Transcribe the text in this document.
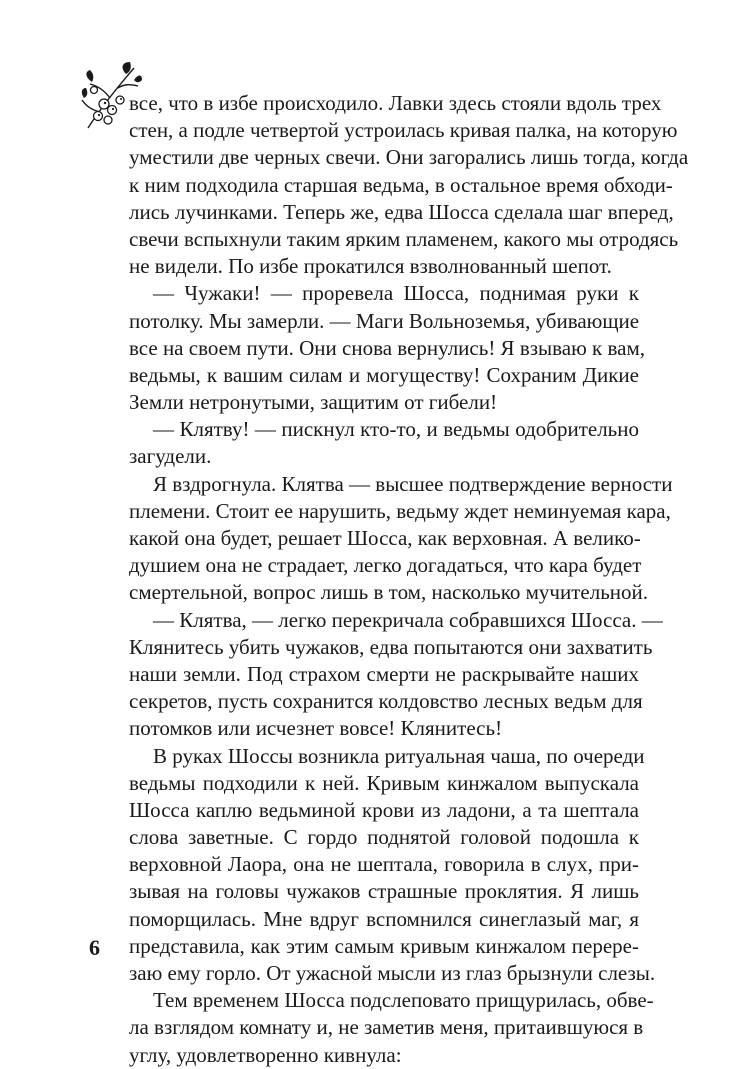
все, что в избе происходило. Лавки здесь стояли вдоль трех
стен, а подле четвертой устроилась кривая палка, на которую
уместили две черных свечи. Они загорались лишь тогда, когда
к ним подходила старшая ведьма, в остальное время обходи-
лись лучинками. Теперь же, едва Шосса сделала шаг вперед,
свечи вспыхнули таким ярким пламенем, какого мы отродясь
не видели. По избе прокатился взволнованный шепот.
— Чужаки! — проревела Шосса, поднимая руки к
потолку. Мы замерли. — Маги Вольноземья, убивающие
все на своем пути. Они снова вернулись! Я взываю к вам,
ведьмы, к вашим силам и могуществу! Сохраним Дикие
Земли нетронутыми, защитим от гибели!
— Клятву! — пискнул кто-то, и ведьмы одобрительно
загудели.
Я вздрогнула. Клятва — высшее подтверждение верности
племени. Стоит ее нарушить, ведьму ждет неминуемая кара,
какой она будет, решает Шосса, как верховная. А велико-
душием она не страдает, легко догадаться, что кара будет
смертельной, вопрос лишь в том, насколько мучительной.
— Клятва, — легко перекричала собравшихся Шосса. —
Клянитесь убить чужаков, едва попытаются они захватить
наши земли. Под страхом смерти не раскрывайте наших
секретов, пусть сохранится колдовство лесных ведьм для
потомков или исчезнет вовсе! Клянитесь!
В руках Шоссы возникла ритуальная чаша, по очереди
ведьмы подходили к ней. Кривым кинжалом выпускала
Шосса каплю ведьминой крови из ладони, а та шептала
слова заветные. С гордо поднятой головой подошла к
верховной Лаора, она не шептала, говорила в слух, при-
зывая на головы чужаков страшные проклятия. Я лишь
поморщилась. Мне вдруг вспомнился синеглазый маг, я
представила, как этим самым кривым кинжалом перере-
заю ему горло. От ужасной мысли из глаз брызнули слезы.
Тем временем Шосса подслеповато прищурилась, обве-
ла взглядом комнату и, не заметив меня, притаившуюся в
углу, удовлетворенно кивнула:
6
